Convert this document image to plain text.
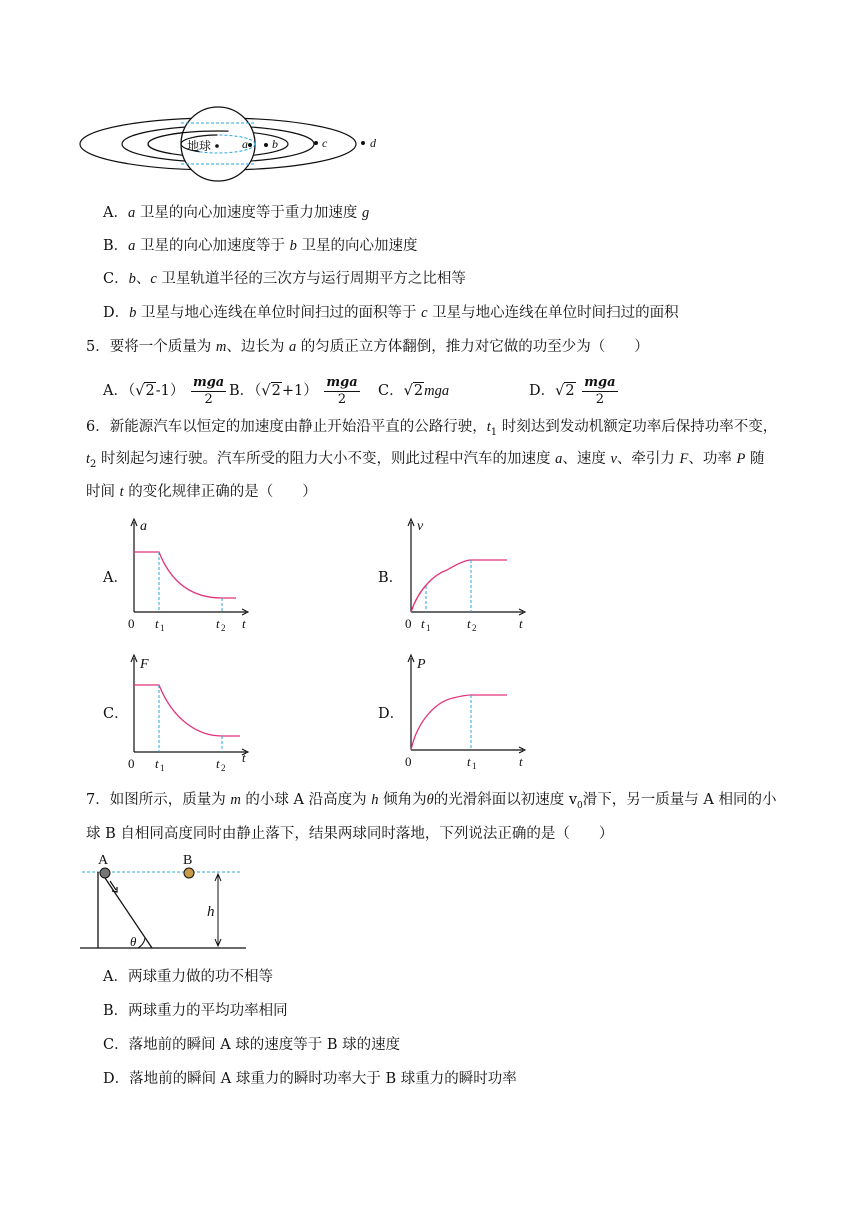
地球	a b	c	d
A．a 卫星的向心加速度等于重力加速度 g
B．a 卫星的向心加速度等于 b 卫星的向心加速度
C．b、c 卫星轨道半径的三次方与运行周期平方之比相等
D．b 卫星与地心连线在单位时间扫过的面积等于 c 卫星与地心连线在单位时间扫过的面积
5．要将一个质量为 m、边长为 a 的匀质正立方体翻倒，推力对它做的功至少为（　　）
A．$(√2-1) \frac{\text{mga}}{2}$ B．$(√2+1) \frac{\text{mga}}{2}$ C．√2mga	D．$√2 \frac{\text{mga}}{2}$
6．新能源汽车以恒定的加速度由静止开始沿平直的公路行驶，$t_1$ 时刻达到发动机额定功率后保持功率不变，
$t_2$ 时刻起匀速行驶。汽车所受的阻力大小不变，则此过程中汽车的加速度 a、速度 v、牵引力 F、功率 P 随
时间 t 的变化规律正确的是（　　）
A．
a
0 t 1	t 2 t
B．
v
0 t 1	t 2	t
C．
F
0 t 1	t 2
t
D．
P
0	t 1	t
7．如图所示，质量为 m 的小球 A 沿高度为 h 倾角为θ的光滑斜面以初速度 $v_0$滑下，另一质量与 A 相同的小
球 B 自相同高度同时由静止落下，结果两球同时落地，下列说法正确的是（　　）
A	B
h
θ
A．两球重力做的功不相等
B．两球重力的平均功率相同
C．落地前的瞬间 A 球的速度等于 B 球的速度
D．落地前的瞬间 A 球重力的瞬时功率大于 B 球重力的瞬时功率
